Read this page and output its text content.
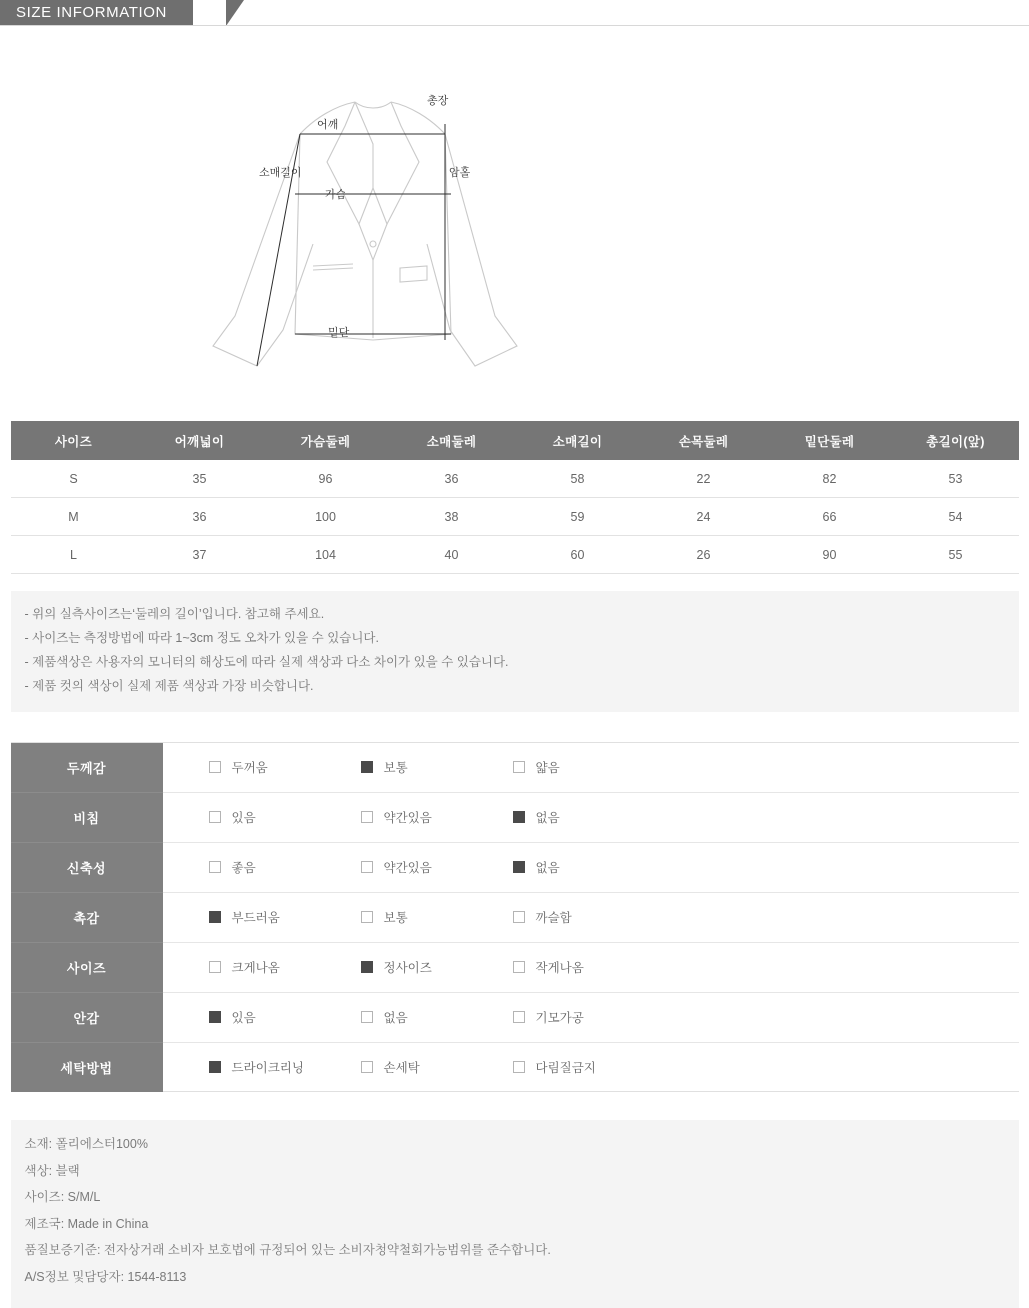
SIZE INFORMATION
총장
어깨
소매길이	암홀
가슴
밑단
사이즈	어깨넓이	가슴둘레	소매둘레	소매길이	손목둘레	밑단둘레	총길이(앞)
S	35	96	36	58	22	82	53
M	36	100	38	59	24	66	54
L	37	104	40	60	26	90	55

- 위의 실측사이즈는‘둘레의 길이’입니다. 참고해 주세요.

- 사이즈는 측정방법에 따라 1~3cm 정도 오차가 있을 수 있습니다.

- 제품색상은 사용자의 모니터의 해상도에 따라 실제 색상과 다소 차이가 있을 수 있습니다.

- 제품 컷의 색상이 실제 제품 색상과 가장 비슷합니다.

두께감	두꺼움 보통 얇음

비침	있음 약간있음 없음

신축성	좋음 약간있음 없음

촉감	부드러움 보통 까슬함

사이즈	크게나옴 정사이즈 작게나옴

안감	있음 없음 기모가공

세탁방법	드라이크리닝 손세탁 다림질금지

소재: 폴리에스터100%

색상: 블랙

사이즈: S/M/L

제조국: Made in China

품질보증기준: 전자상거래 소비자 보호법에 규정되어 있는 소비자청약철회가능범위를 준수합니다.

A/S정보 및담당자: 1544-8113
